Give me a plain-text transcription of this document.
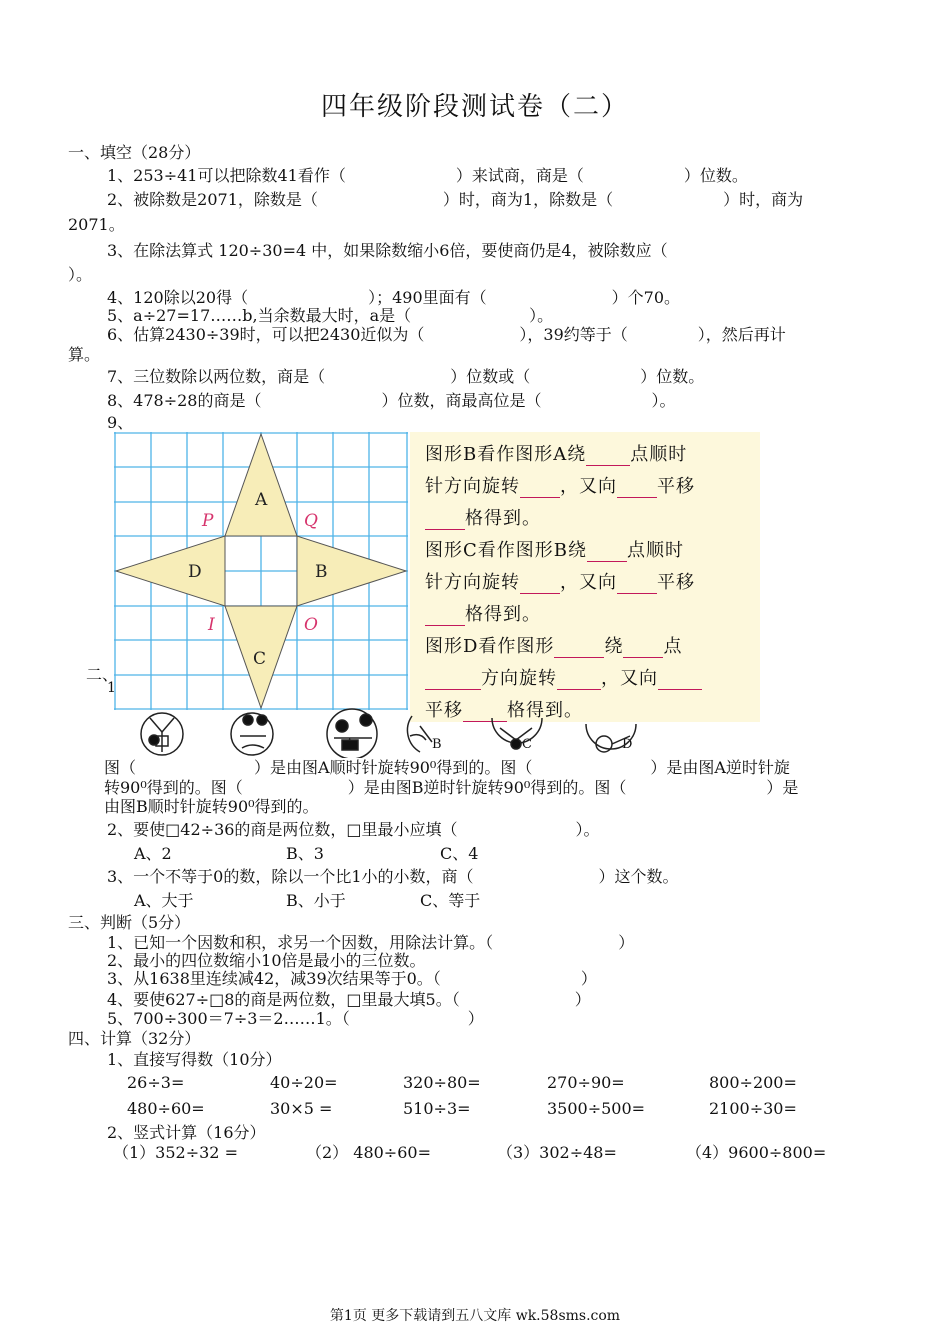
四年级阶段测试卷（二）
一、填空（28分）
1、253÷41可以把除数41看作（	）来试商，商是（	）位数。
2、被除数是2071，除数是（	）时，商为1，除数是（	）时，商为
2071。
3、在除法算式 120÷30=4 中，如果除数缩小6倍，要使商仍是4，被除数应（
）。
4、120除以20得（	）；490里面有（	）个70。
5、a÷27=17……b,当余数最大时，a是（	）。
6、估算2430÷39时，可以把2430近似为（	），39约等于（	），然后再计
算。
7、三位数除以两位数，商是（	）位数或（	）位数。
8、478÷28的商是（	）位数，商最高位是（	）。
9、
A
B
C
D
P	Q
I	O
图形B看作图形A绕 点顺时
针方向旋转 ，又向 平移
格得到。
图形C看作图形B绕 点顺时
针方向旋转 ，又向 平移
格得到。
图形D看作图形	绕 点
方向旋转 ，又向
平移 格得到。
二、
1
B	C	D
图（	）是由图A顺时针旋转90⁰得到的。图（	）是由图A逆时针旋
转90⁰得到的。图（	）是由图B逆时针旋转90⁰得到的。图（	）是
由图B顺时针旋转90⁰得到的。
2、要使□42÷36的商是两位数，□里最小应填（	）。
A、2	B、3	C、4
3、一个不等于0的数，除以一个比1小的小数，商（	）这个数。
A、大于	B、小于	C、等于
三、判断（5分）
1、已知一个因数和积，求另一个因数，用除法计算。（	）
2、最小的四位数缩小10倍是最小的三位数。
3、从1638里连续减42，减39次结果等于0。（	）
4、要使627÷□8的商是两位数，□里最大填5。（	）
5、700÷300＝7÷3＝2……1。（	）
四、计算（32分）
1、直接写得数（10分）
26÷3=	40÷20=	320÷80=	270÷90=	800÷200=
480÷60=	30×5 =	510÷3=	3500÷500=	2100÷30=
2、竖式计算（16分）
（1）352÷32 =	（2） 480÷60=	（3）302÷48=	（4）9600÷800=
第1页 更多下载请到五八文库 wk.58sms.com
